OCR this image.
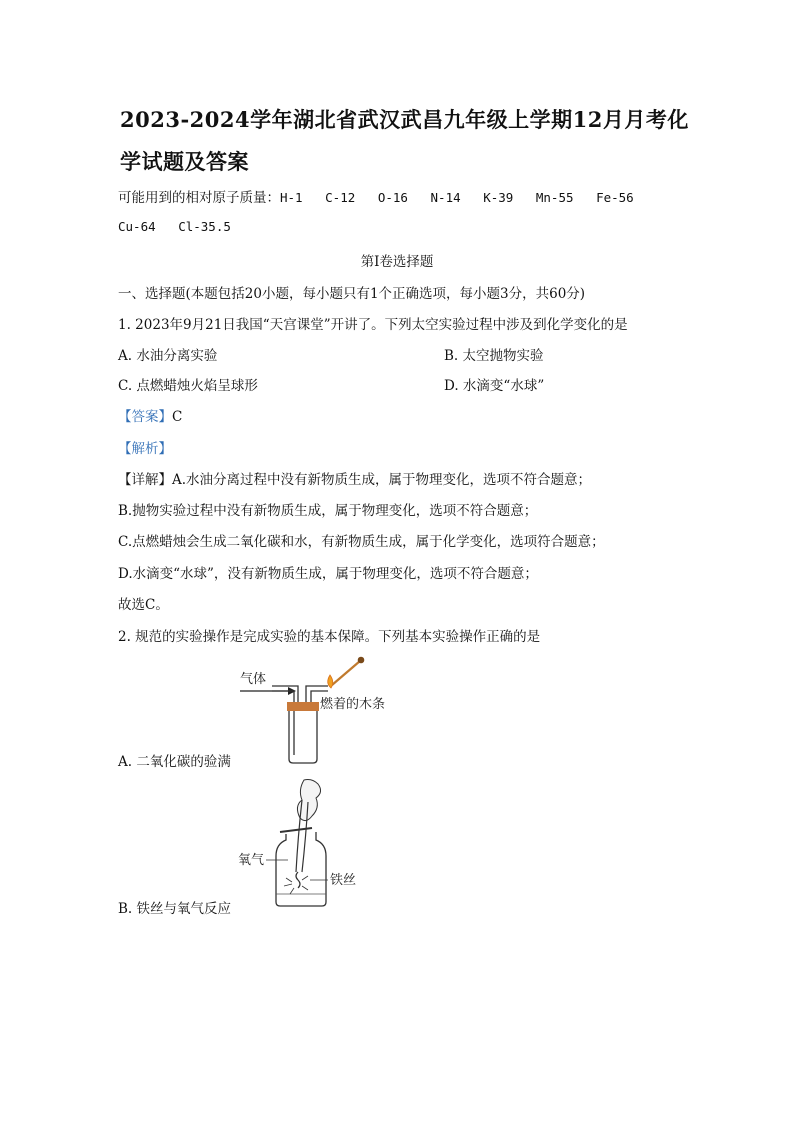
2023-2024学年湖北省武汉武昌九年级上学期12月月考化
学试题及答案
可能用到的相对原子质量：H-1   C-12   O-16   N-14   K-39   Mn-55   Fe-56
Cu-64   Cl-35.5
第Ⅰ卷选择题
一、选择题(本题包括20小题，每小题只有1个正确选项，每小题3分，共60分)
1. 2023年9月21日我国“天宫课堂”开讲了。下列太空实验过程中涉及到化学变化的是
A. 水油分离实验	B. 太空抛物实验
C. 点燃蜡烛火焰呈球形	D. 水滴变“水球”
【答案】C
【解析】
【详解】A.水油分离过程中没有新物质生成，属于物理变化，选项不符合题意；
B.抛物实验过程中没有新物质生成，属于物理变化，选项不符合题意；
C.点燃蜡烛会生成二氧化碳和水，有新物质生成，属于化学变化，选项符合题意；
D.水滴变“水球”，没有新物质生成，属于物理变化，选项不符合题意；
故选C。
2. 规范的实验操作是完成实验的基本保障。下列基本实验操作正确的是
气体
燃着的木条
A. 二氧化碳的验满
氧气
铁丝
B. 铁丝与氧气反应
